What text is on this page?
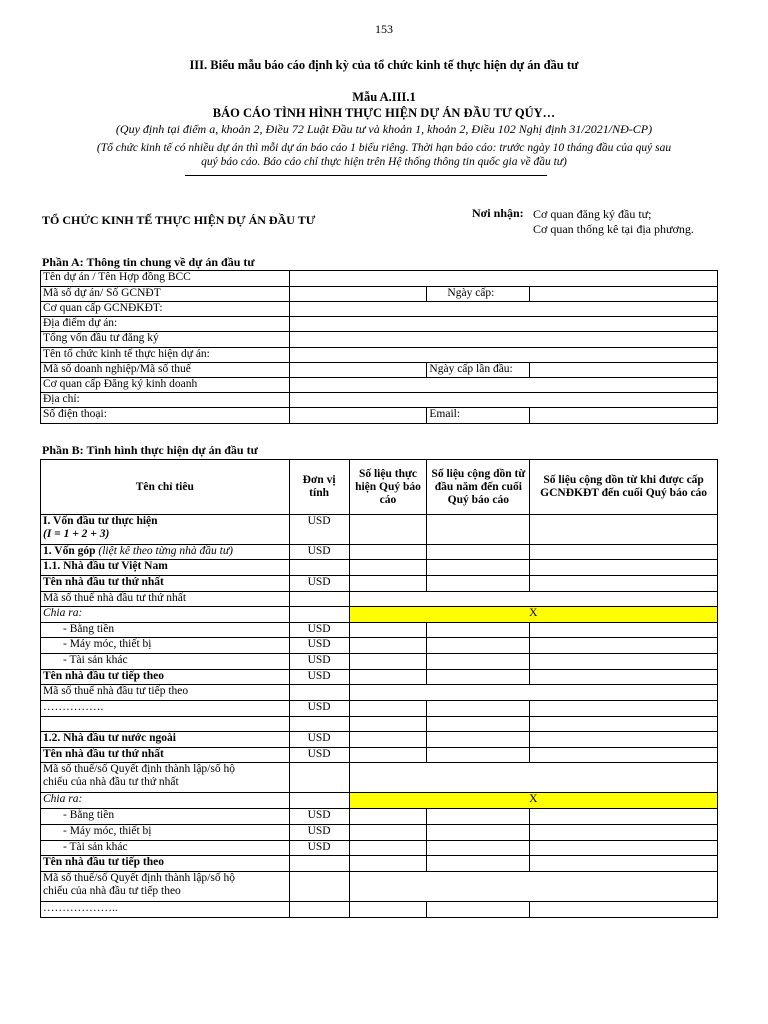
153
III. Biểu mẫu báo cáo định kỳ của tổ chức kinh tế thực hiện dự án đầu tư
Mẫu A.III.1
BÁO CÁO TÌNH HÌNH THỰC HIỆN DỰ ÁN ĐẦU TƯ QÚY…
(Quy định tại điểm a, khoản 2, Điều 72 Luật Đầu tư và khoản 1, khoản 2, Điều 102 Nghị định 31/2021/NĐ-CP)
(Tổ chức kinh tế có nhiều dự án thì mỗi dự án báo cáo 1 biểu riêng. Thời hạn báo cáo: trước ngày 10 tháng đầu của quý sau
quý báo cáo. Báo cáo chỉ thực hiện trên Hệ thống thông tin quốc gia về đầu tư)
TỔ CHỨC KINH TẾ THỰC HIỆN DỰ ÁN ĐẦU TƯ	Nơi nhận: Cơ quan đăng ký đầu tư;
Cơ quan thống kê tại địa phương.
Phần A: Thông tin chung về dự án đầu tư
Tên dự án / Tên Hợp đồng BCC			
Mã số dự án/ Số GCNĐT		Ngày cấp:	
Cơ quan cấp GCNĐKĐT:			
Địa điểm dự án:			
Tổng vốn đầu tư đăng ký			
Tên tổ chức kinh tế thực hiện dự án:			
Mã số doanh nghiệp/Mã số thuế		Ngày cấp lần đầu:	
Cơ quan cấp Đăng ký kinh doanh			
Địa chỉ:			
Số điện thoại:		Email:	
Phần B: Tình hình thực hiện dự án đầu tư
Tên chỉ tiêu	Đơn vị tính	Số liệu thực hiện Quý báo cáo	Số liệu cộng dồn từ đầu năm đến cuối Quý báo cáo	Số liệu cộng dồn từ khi được cấp GCNĐKĐT đến cuối Quý báo cáo
I. Vốn đầu tư thực hiện
(I = 1 + 2 + 3)	USD			
1. Vốn góp (liệt kê theo từng nhà đầu tư)	USD			
1.1. Nhà đầu tư Việt Nam				
Tên nhà đầu tư thứ nhất	USD			
Mã số thuế nhà đầu tư thứ nhất				
Chia ra:		X		
- Bằng tiền	USD			
- Máy móc, thiết bị	USD			
- Tài sản khác	USD			
Tên nhà đầu tư tiếp theo	USD			
Mã số thuế nhà đầu tư tiếp theo				
…………….	USD			

1.2. Nhà đầu tư nước ngoài	USD			
Tên nhà đầu tư thứ nhất	USD			
Mã số thuế/số Quyết định thành lập/số hộ
chiếu của nhà đầu tư thứ nhất				
Chia ra:		X		
- Bằng tiền	USD			
- Máy móc, thiết bị	USD			
- Tài sản khác	USD			
Tên nhà đầu tư tiếp theo				
Mã số thuế/số Quyết định thành lập/số hộ
chiếu của nhà đầu tư tiếp theo				
………………..				
